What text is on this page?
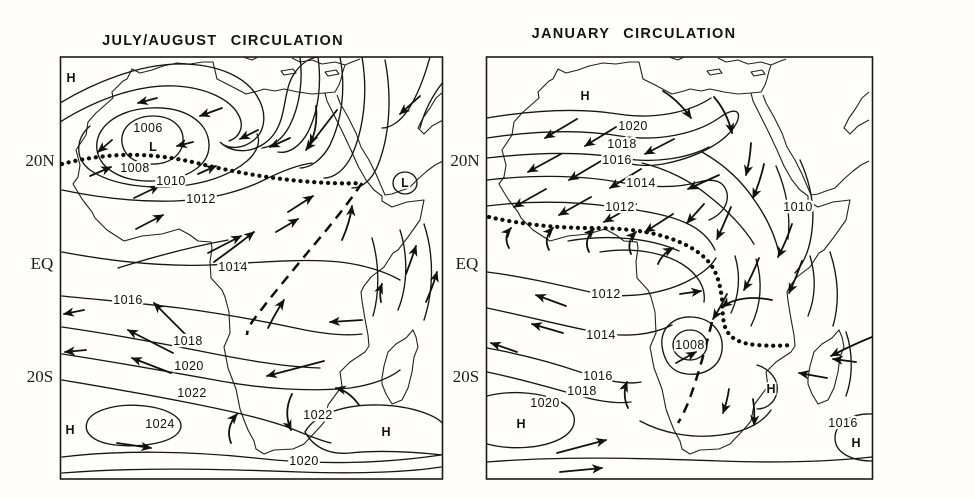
H
1006
L
1008
1010
1012
L
1014
1016
1018
1020
1022
H	1024
1022
H
1020
JULY/AUGUST CIRCULATION
20N
EQ
20S
H
1020
1018
1016
1014
1012	1010
1012
1014
1016
1018
1020
H
1008
H
1016
H
JANUARY CIRCULATION
20N
EQ
20S
